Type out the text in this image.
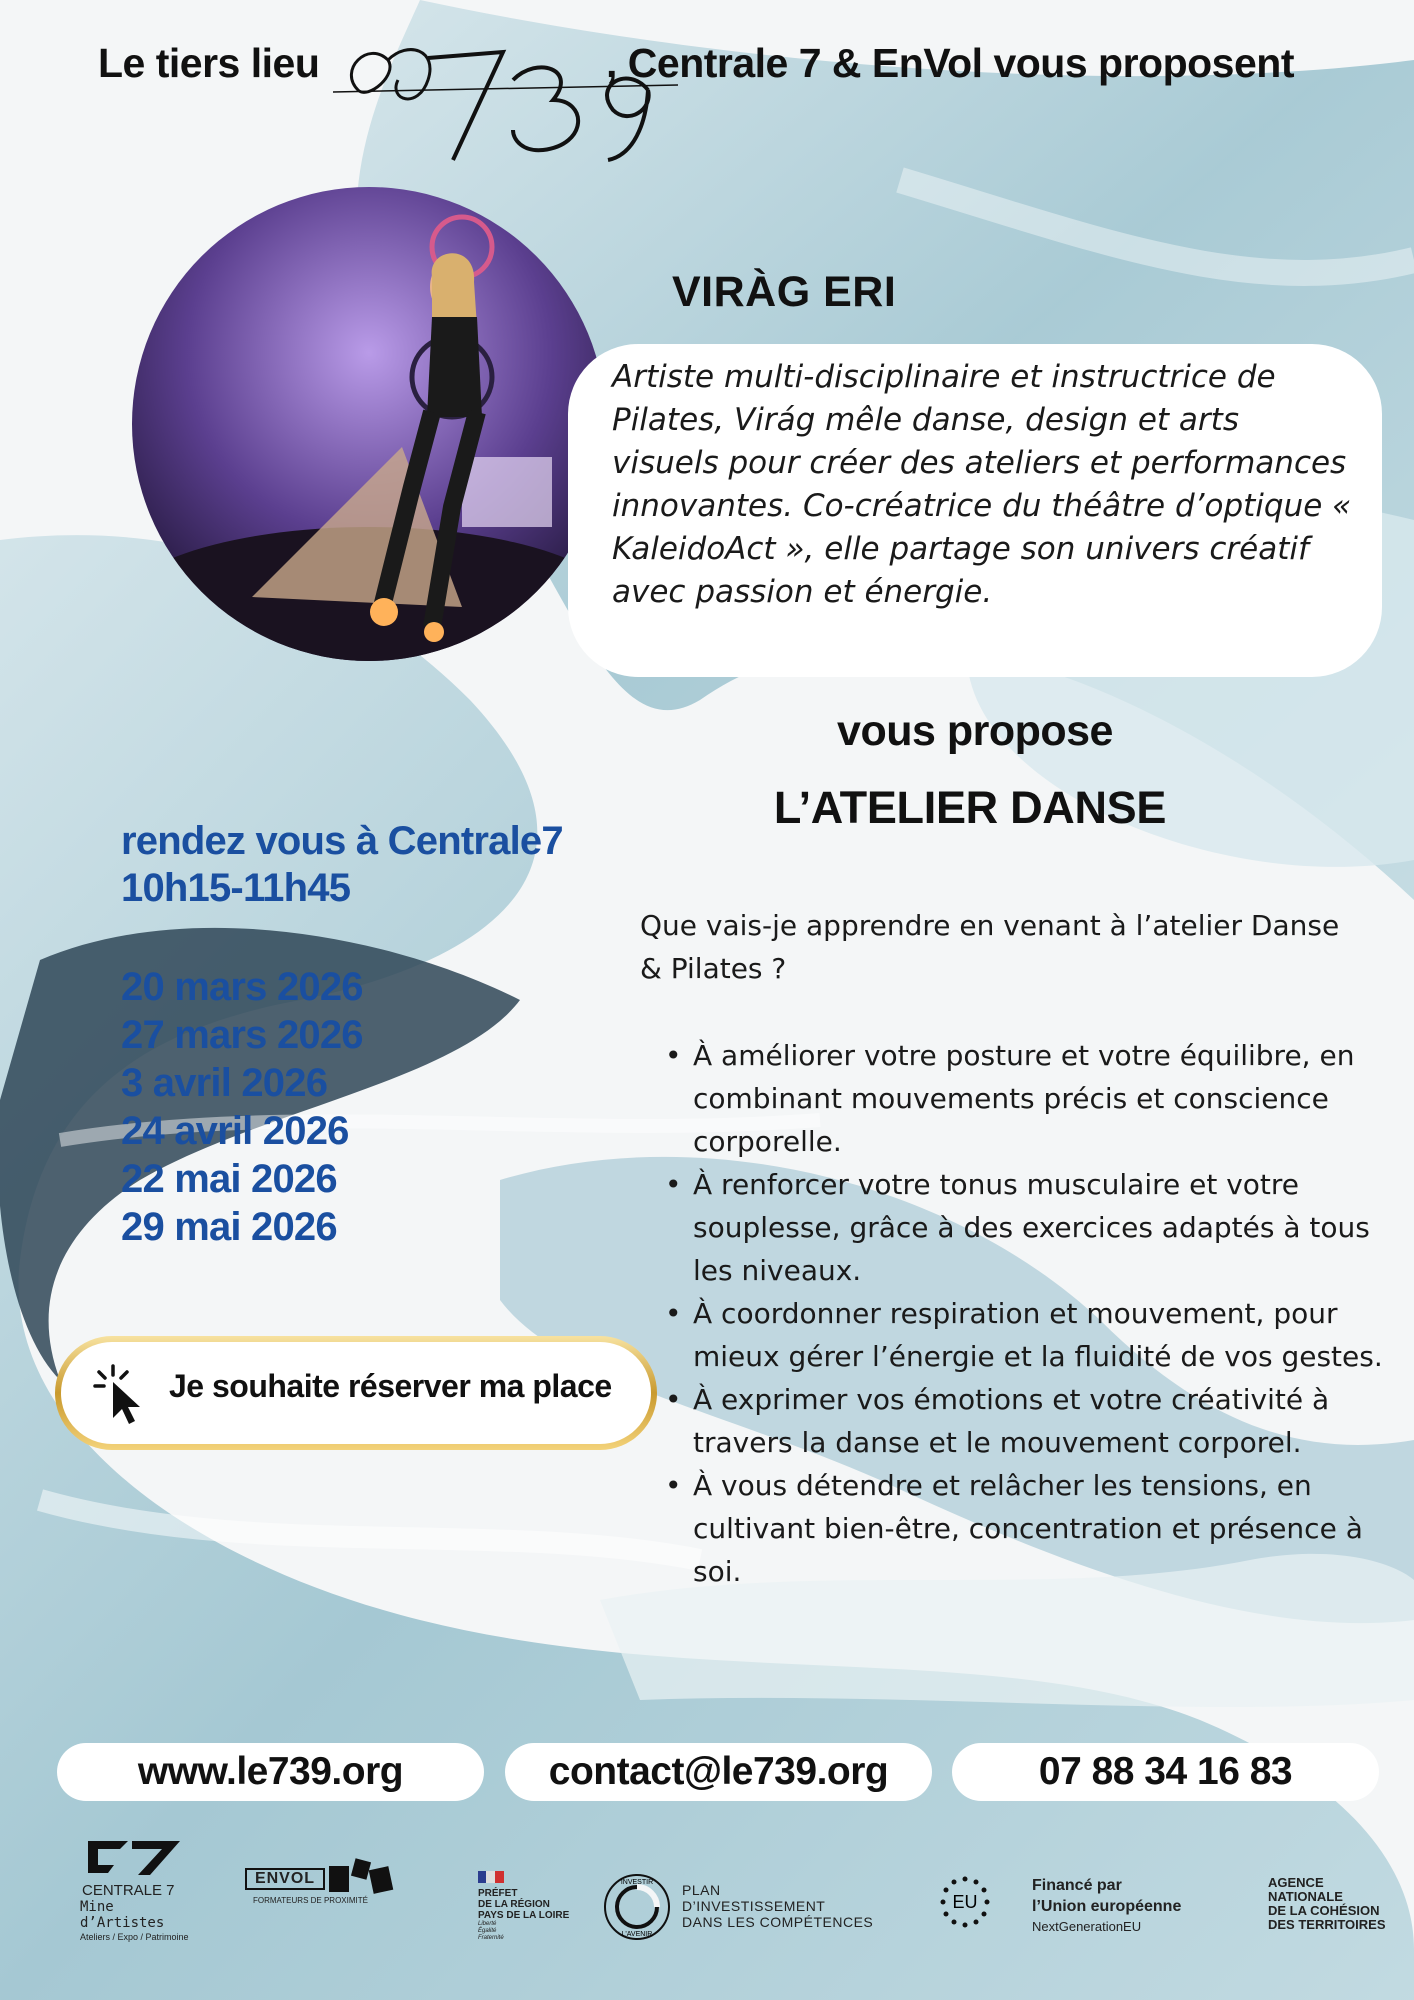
Le tiers lieu	, Centrale 7 & EnVol vous proposent
VIRÀG ERI

Artiste multi-disciplinaire et instructrice de Pilates, Virág mêle danse, design et arts visuels pour créer des ateliers et performances innovantes. Co-créatrice du théâtre d’optique « KaleidoAct », elle partage son univers créatif avec passion et énergie.

vous propose
L’ATELIER DANSE
rendez vous à Centrale7
10h15-11h45
20 mars 2026
27 mars 2026
3 avril 2026
24 avril 2026
22 mai 2026
29 mai 2026
Que vais-je apprendre en venant à l’atelier Danse & Pilates ?
• À améliorer votre posture et votre équilibre, en combinant mouvements précis et conscience corporelle.
• À renforcer votre tonus musculaire et votre souplesse, grâce à des exercices adaptés à tous les niveaux.
• À coordonner respiration et mouvement, pour mieux gérer l’énergie et la fluidité de vos gestes.
• À exprimer vos émotions et votre créativité à travers la danse et le mouvement corporel.
• À vous détendre et relâcher les tensions, en cultivant bien-être, concentration et présence à soi.
Je souhaite réserver ma place
www.le739.org	contact@le739.org	07 88 34 16 83
CENTRALE 7
Mine d’Artistes
Ateliers / Expo / Patrimoine
ENVOL
FORMATEURS DE PROXIMITÉ
PRÉFET
DE LA RÉGION
PAYS DE LA LOIRE
Liberté
Égalité
Fraternité
INVESTIR
L’AVENIR
PLAN
D’INVESTISSEMENT
DANS LES COMPÉTENCES
EU
Financé par
l’Union européenne
NextGenerationEU
AGENCE
NATIONALE
DE LA COHÉSION
DES TERRITOIRES
